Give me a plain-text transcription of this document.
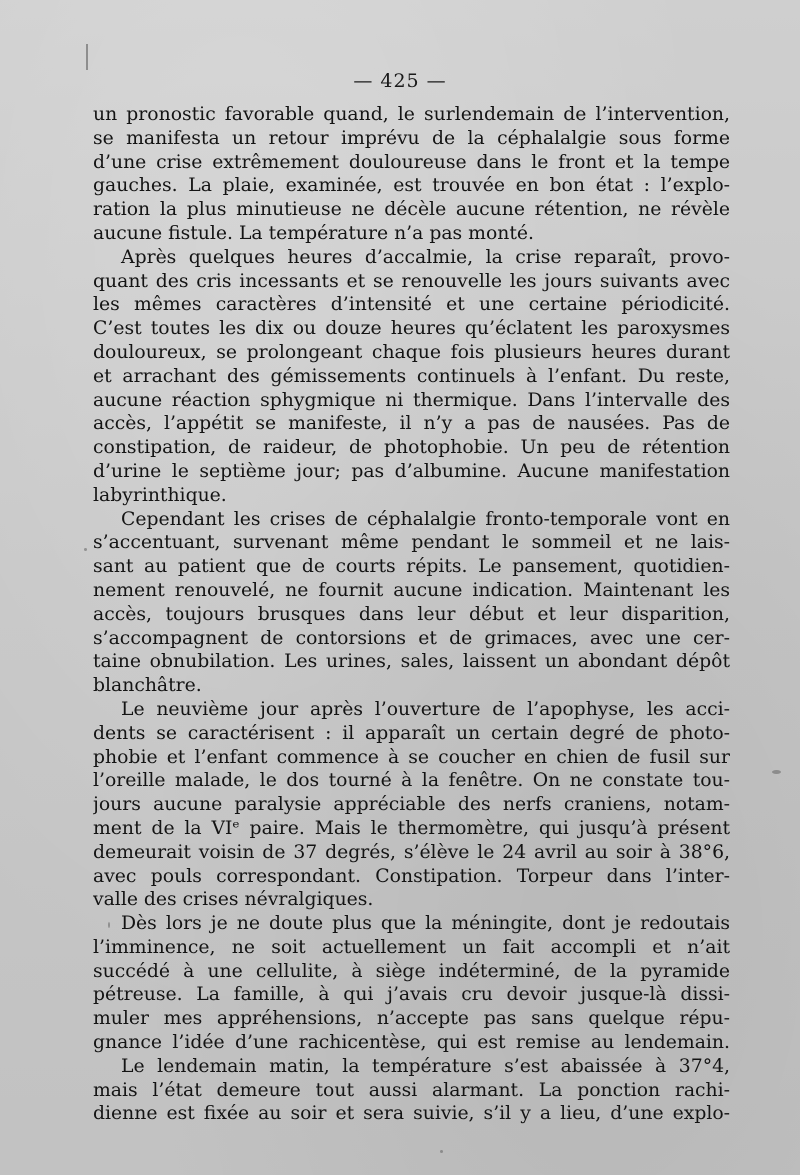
— 425 —
un pronostic favorable quand, le surlendemain de l’intervention,
se manifesta un retour imprévu de la céphalalgie sous forme
d’une crise extrêmement douloureuse dans le front et la tempe
gauches. La plaie, examinée, est trouvée en bon état : l’explo-
ration la plus minutieuse ne décèle aucune rétention, ne révèle
aucune fistule. La température n’a pas monté.
Après quelques heures d’accalmie, la crise reparaît, provo-
quant des cris incessants et se renouvelle les jours suivants avec
les mêmes caractères d’intensité et une certaine périodicité.
C’est toutes les dix ou douze heures qu’éclatent les paroxysmes
douloureux, se prolongeant chaque fois plusieurs heures durant
et arrachant des gémissements continuels à l’enfant. Du reste,
aucune réaction sphygmique ni thermique. Dans l’intervalle des
accès, l’appétit se manifeste, il n’y a pas de nausées. Pas de
constipation, de raideur, de photophobie. Un peu de rétention
d’urine le septième jour; pas d’albumine. Aucune manifestation
labyrinthique.
Cependant les crises de céphalalgie fronto-temporale vont en
s’accentuant, survenant même pendant le sommeil et ne lais-
sant au patient que de courts répits. Le pansement, quotidien-
nement renouvelé, ne fournit aucune indication. Maintenant les
accès, toujours brusques dans leur début et leur disparition,
s’accompagnent de contorsions et de grimaces, avec une cer-
taine obnubilation. Les urines, sales, laissent un abondant dépôt
blanchâtre.
Le neuvième jour après l’ouverture de l’apophyse, les acci-
dents se caractérisent : il apparaît un certain degré de photo-
phobie et l’enfant commence à se coucher en chien de fusil sur
l’oreille malade, le dos tourné à la fenêtre. On ne constate tou-
jours aucune paralysie appréciable des nerfs craniens, notam-
ment de la VIᵉ paire. Mais le thermomètre, qui jusqu’à présent
demeurait voisin de 37 degrés, s’élève le 24 avril au soir à 38°6,
avec pouls correspondant. Constipation. Torpeur dans l’inter-
valle des crises névralgiques.
Dès lors je ne doute plus que la méningite, dont je redoutais
l’imminence, ne soit actuellement un fait accompli et n’ait
succédé à une cellulite, à siège indéterminé, de la pyramide
pétreuse. La famille, à qui j’avais cru devoir jusque-là dissi-
muler mes appréhensions, n’accepte pas sans quelque répu-
gnance l’idée d’une rachicentèse, qui est remise au lendemain.
Le lendemain matin, la température s’est abaissée à 37°4,
mais l’état demeure tout aussi alarmant. La ponction rachi-
dienne est fixée au soir et sera suivie, s’il y a lieu, d’une explo-
